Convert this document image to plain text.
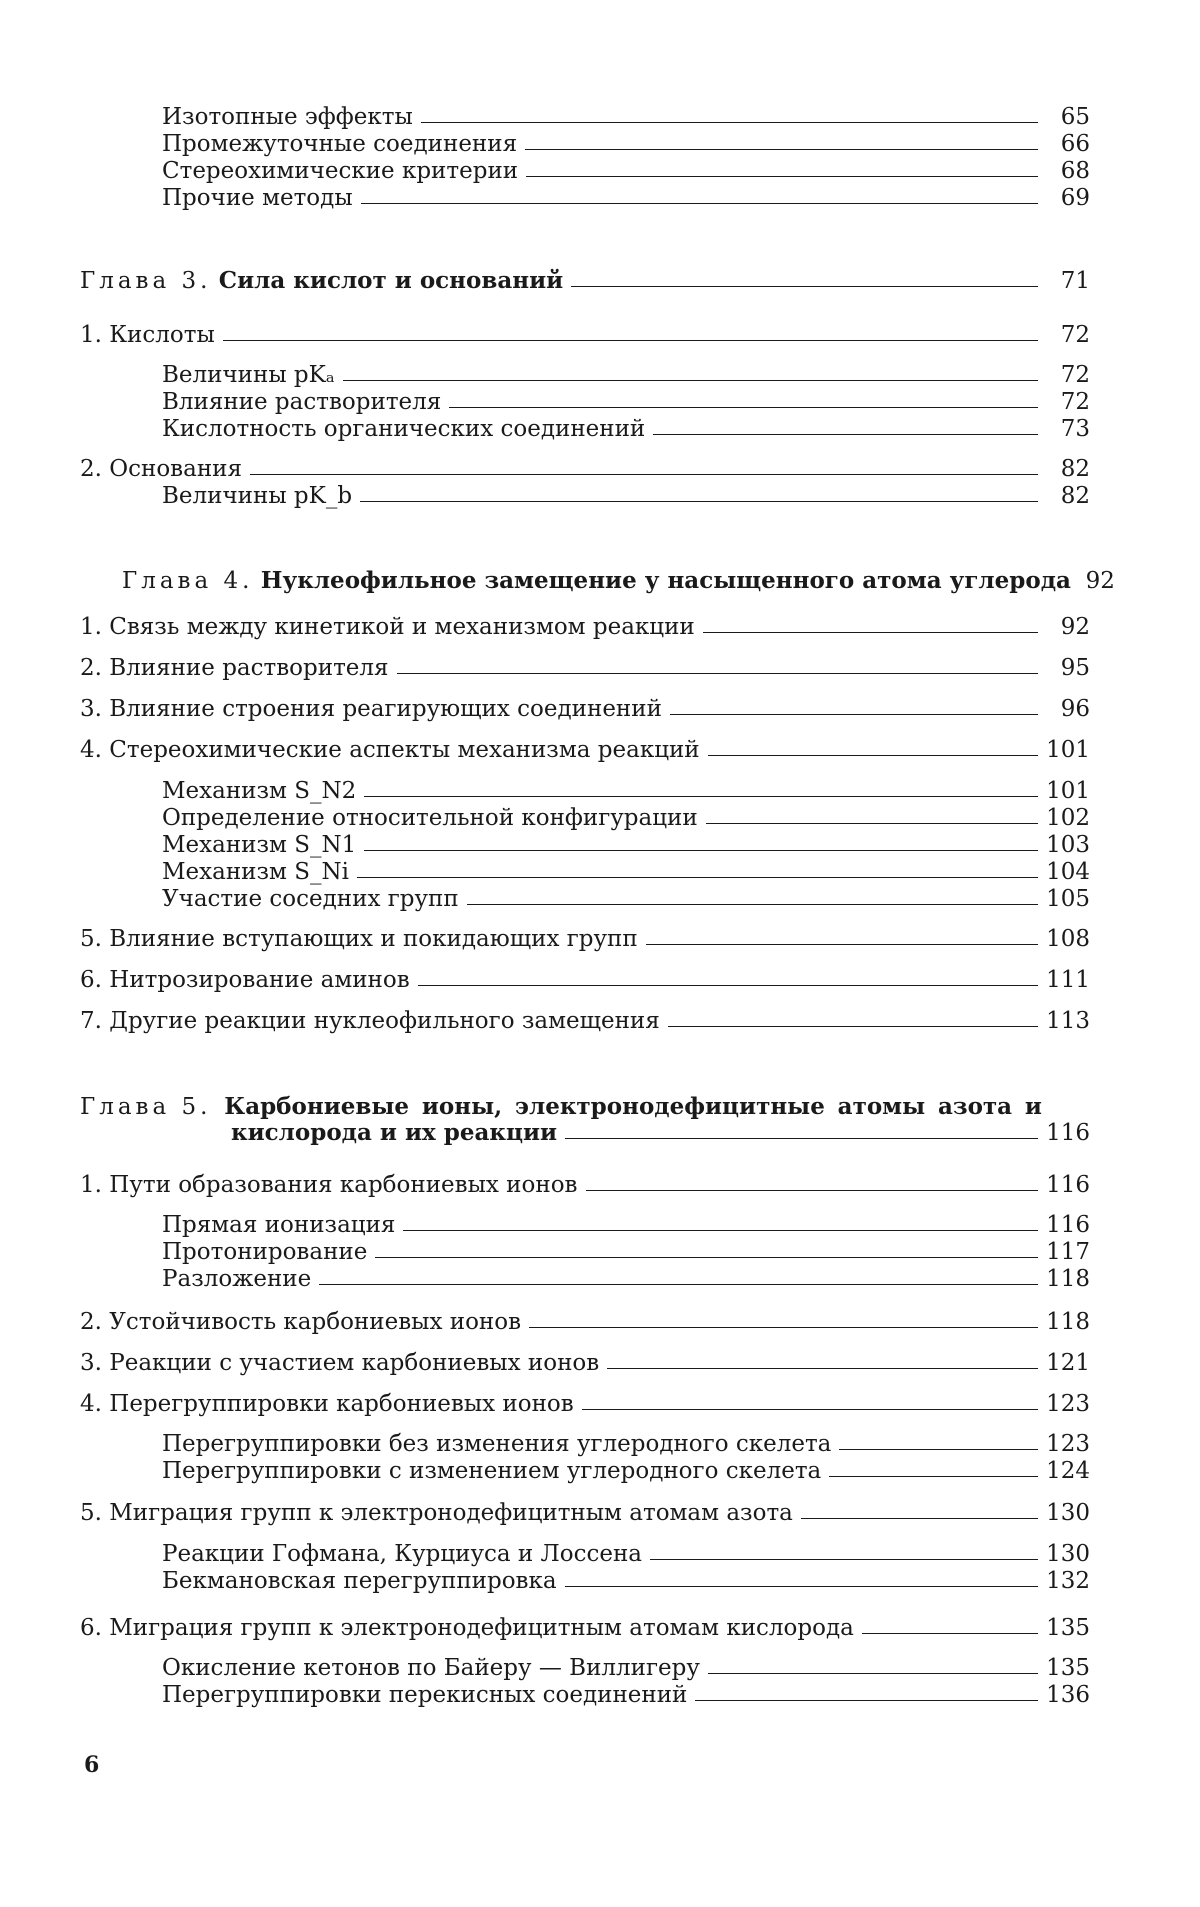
Изотопные эффекты	65
Промежуточные соединения	66
Стереохимические критерии	68
Прочие методы	69
Глава 3. Сила кислот и оснований	71
1. Кислоты	72
Величины pKₐ	72
Влияние растворителя	72
Кислотность органических соединений	73
2. Основания	82
Величины pK_b	82
Глава 4. Нуклеофильное замещение у насыщенного атома углерода 92
1. Связь между кинетикой и механизмом реакции	92
2. Влияние растворителя	95
3. Влияние строения реагирующих соединений	96
4. Стереохимические аспекты механизма реакций	101
Механизм S_N2	101
Определение относительной конфигурации	102
Механизм S_N1	103
Механизм S_Ni	104
Участие соседних групп	105
5. Влияние вступающих и покидающих групп	108
6. Нитрозирование аминов	111
7. Другие реакции нуклеофильного замещения	113
Глава 5. Карбониевые ионы, электронодефицитные атомы азота и
кислорода и их реакции	116
1. Пути образования карбониевых ионов	116
Прямая ионизация	116
Протонирование	117
Разложение	118
2. Устойчивость карбониевых ионов	118
3. Реакции с участием карбониевых ионов	121
4. Перегруппировки карбониевых ионов	123
Перегруппировки без изменения углеродного скелета	123
Перегруппировки с изменением углеродного скелета	124
5. Миграция групп к электронодефицитным атомам азота	130
Реакции Гофмана, Курциуса и Лоссена	130
Бекмановская перегруппировка	132
6. Миграция групп к электронодефицитным атомам кислорода	135
Окисление кетонов по Байеру — Виллигеру	135
Перегруппировки перекисных соединений	136
6
